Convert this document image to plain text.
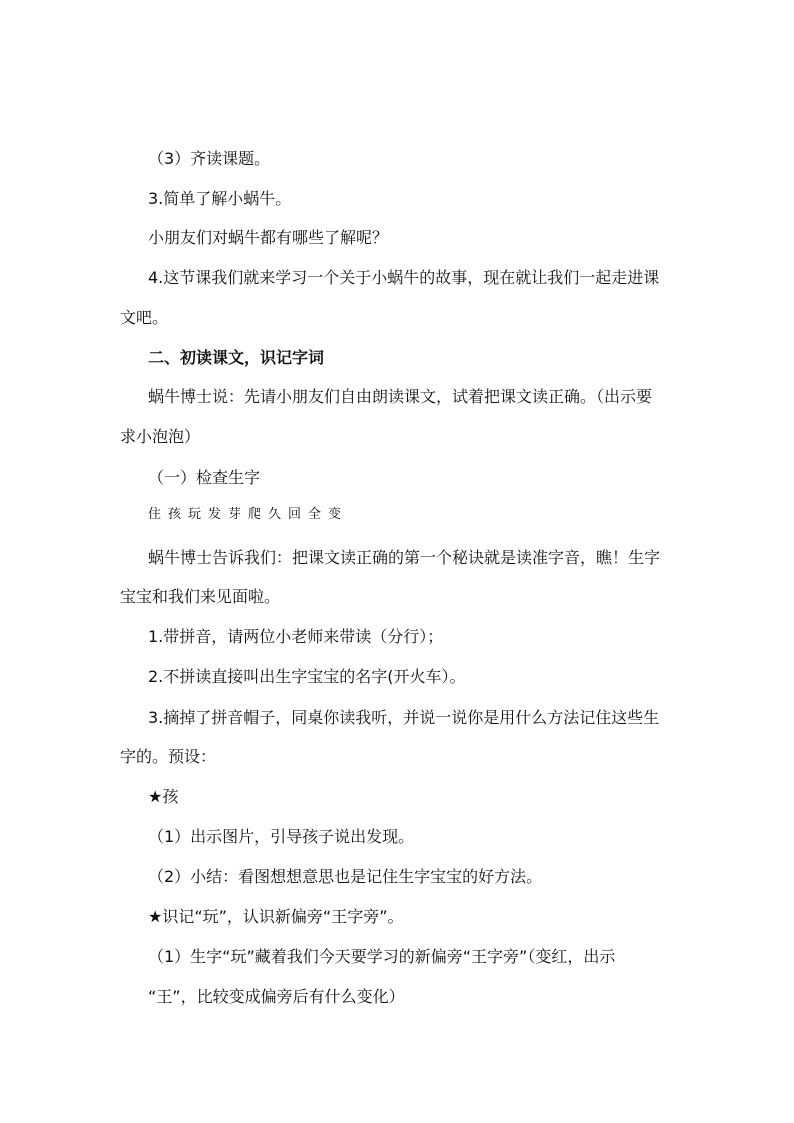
（3）齐读课题。
3.简单了解小蜗牛。
小朋友们对蜗牛都有哪些了解呢？
4.这节课我们就来学习一个关于小蜗牛的故事，现在就让我们一起走进课
文吧。
二、初读课文，识记字词
蜗牛博士说：先请小朋友们自由朗读课文，试着把课文读正确。（出示要
求小泡泡）
（一）检查生字
住 孩 玩 发 芽 爬 久 回 全 变
蜗牛博士告诉我们：把课文读正确的第一个秘诀就是读准字音，瞧！生字
宝宝和我们来见面啦。
1.带拼音，请两位小老师来带读（分行）；
2.不拼读直接叫出生字宝宝的名字(开火车）。
3.摘掉了拼音帽子，同桌你读我听，并说一说你是用什么方法记住这些生
字的。预设：
★孩
（1）出示图片，引导孩子说出发现。
（2）小结：看图想想意思也是记住生字宝宝的好方法。
★识记“玩”，认识新偏旁“王字旁”。
（1）生字“玩”藏着我们今天要学习的新偏旁“王字旁”（变红，出示
“王”，比较变成偏旁后有什么变化）
